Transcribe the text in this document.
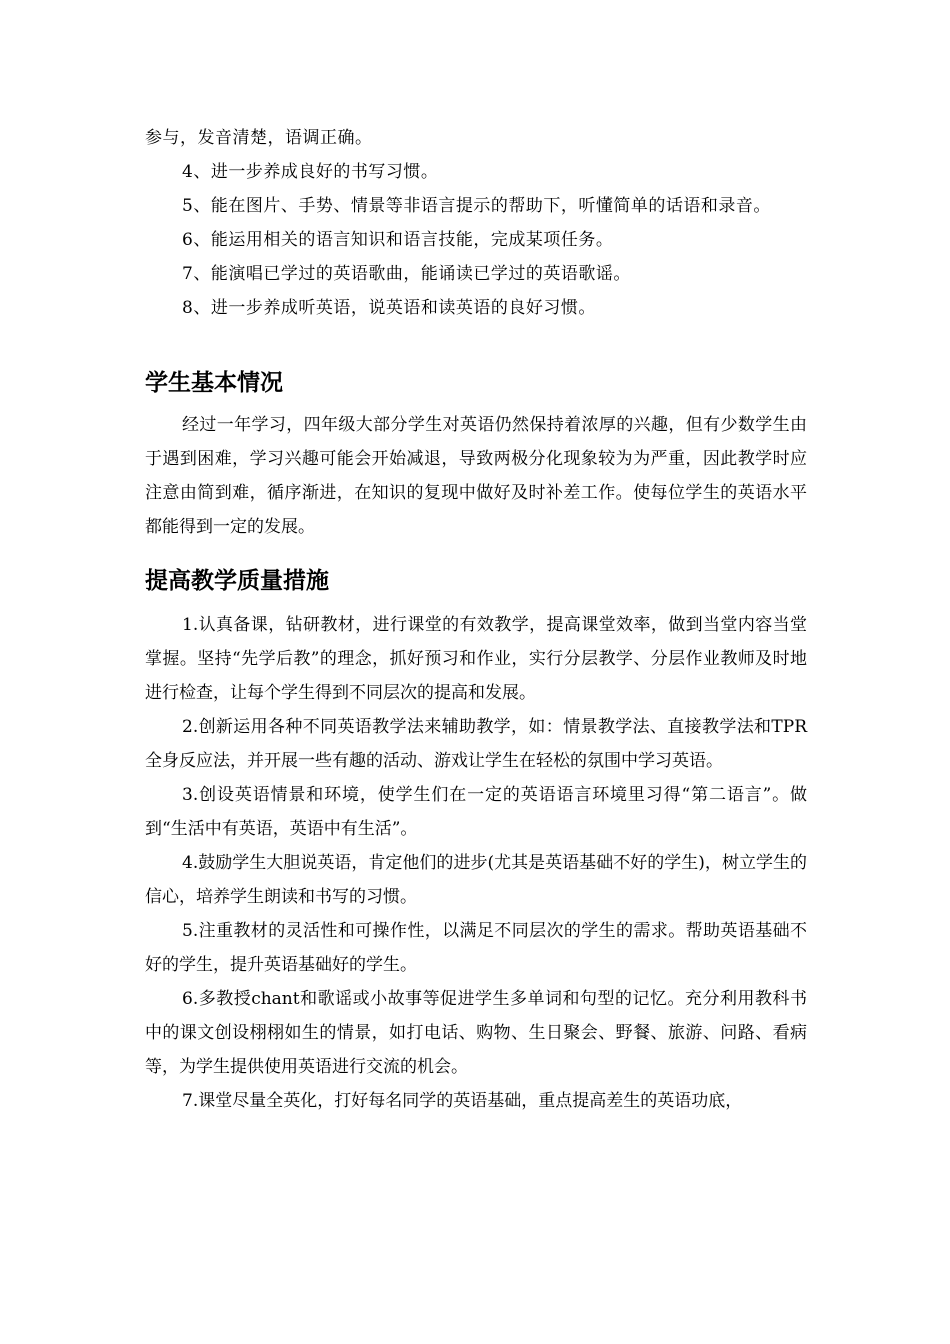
参与，发音清楚，语调正确。
4、进一步养成良好的书写习惯。
5、能在图片、手势、情景等非语言提示的帮助下，听懂简单的话语和录音。
6、能运用相关的语言知识和语言技能，完成某项任务。
7、能演唱已学过的英语歌曲，能诵读已学过的英语歌谣。
8、进一步养成听英语，说英语和读英语的良好习惯。
学生基本情况

经过一年学习，四年级大部分学生对英语仍然保持着浓厚的兴趣，但有少数学生由于遇到困难，学习兴趣可能会开始减退，导致两极分化现象较为为严重，因此教学时应注意由简到难，循序渐进，在知识的复现中做好及时补差工作。使每位学生的英语水平都能得到一定的发展。

提高教学质量措施

1.认真备课，钻研教材，进行课堂的有效教学，提高课堂效率，做到当堂内容当堂掌握。坚持“先学后教”的理念，抓好预习和作业，实行分层教学、分层作业教师及时地进行检查，让每个学生得到不同层次的提高和发展。

2.创新运用各种不同英语教学法来辅助教学，如：情景教学法、直接教学法和TPR全身反应法，并开展一些有趣的活动、游戏让学生在轻松的氛围中学习英语。

3.创设英语情景和环境，使学生们在一定的英语语言环境里习得“第二语言”。做到“生活中有英语，英语中有生活”。

4.鼓励学生大胆说英语，肯定他们的进步(尤其是英语基础不好的学生)，树立学生的信心，培养学生朗读和书写的习惯。

5.注重教材的灵活性和可操作性，以满足不同层次的学生的需求。帮助英语基础不好的学生，提升英语基础好的学生。

6.多教授chant和歌谣或小故事等促进学生多单词和句型的记忆。充分利用教科书中的课文创设栩栩如生的情景，如打电话、购物、生日聚会、野餐、旅游、问路、看病等，为学生提供使用英语进行交流的机会。

7.课堂尽量全英化，打好每名同学的英语基础，重点提高差生的英语功底，
